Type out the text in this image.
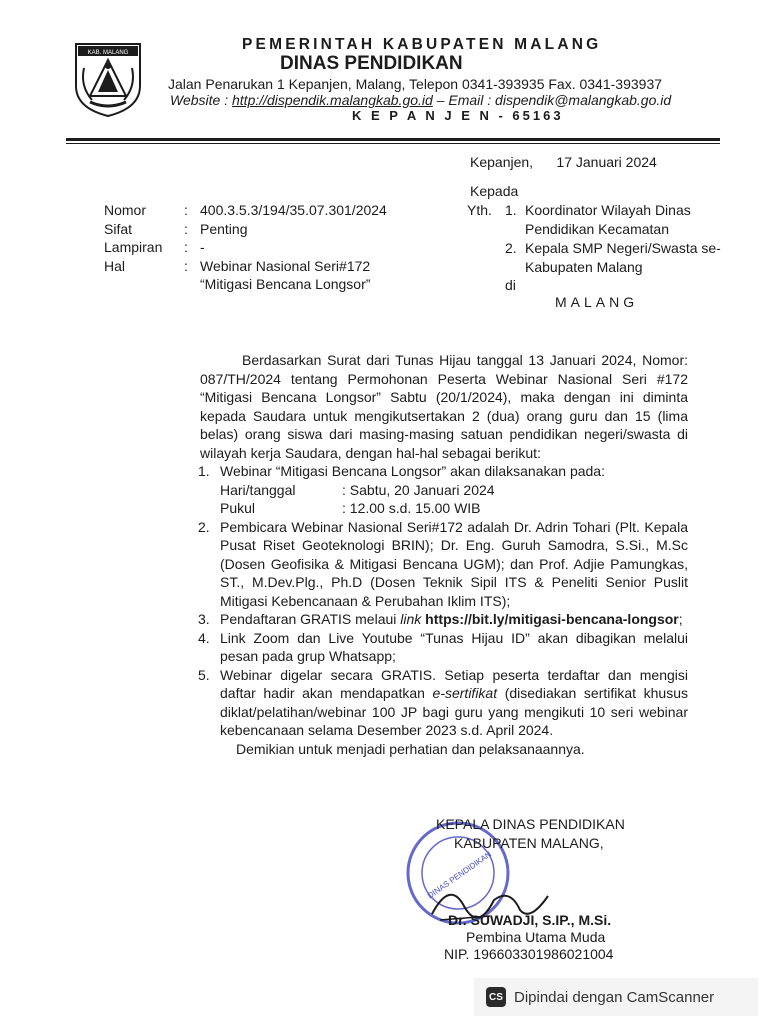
KAB. MALANG	PEMERINTAH KABUPATEN MALANG
DINAS PENDIDIKAN
Jalan Penarukan 1 Kepanjen, Malang, Telepon 0341-393935 Fax. 0341-393937
Website : http://dispendik.malangkab.go.id – Email : dispendik@malangkab.go.id
K E P A N J E N - 65163
Kepanjen, 17 Januari 2024
Kepada
Yth. 1. Koordinator Wilayah Dinas Pendidikan Kecamatan
2. Kepala SMP Negeri/Swasta se- Kabupaten Malang
di
MALANG
Nomor	: 400.3.5.3/194/35.07.301/2024
Sifat	: Penting
Lampiran	: -
Hal	: Webinar Nasional Seri#172 “Mitigasi Bencana Longsor”

Berdasarkan Surat dari Tunas Hijau tanggal 13 Januari 2024, Nomor: 087/TH/2024 tentang Permohonan Peserta Webinar Nasional Seri #172 “Mitigasi Bencana Longsor” Sabtu (20/1/2024), maka dengan ini diminta kepada Saudara untuk mengikutsertakan 2 (dua) orang guru dan 15 (lima belas) orang siswa dari masing-masing satuan pendidikan negeri/swasta di wilayah kerja Saudara, dengan hal-hal sebagai berikut:

1. Webinar “Mitigasi Bencana Longsor” akan dilaksanakan pada:
Hari/tanggal	: Sabtu, 20 Januari 2024
Pukul	: 12.00 s.d. 15.00 WIB
2. Pembicara Webinar Nasional Seri#172 adalah Dr. Adrin Tohari (Plt. Kepala Pusat Riset Geoteknologi BRIN); Dr. Eng. Guruh Samodra, S.Si., M.Sc (Dosen Geofisika & Mitigasi Bencana UGM); dan Prof. Adjie Pamungkas, ST., M.Dev.Plg., Ph.D (Dosen Teknik Sipil ITS & Peneliti Senior Puslit Mitigasi Kebencanaan & Perubahan Iklim ITS);
3. Pendaftaran GRATIS melaui link https://bit.ly/mitigasi-bencana-longsor;
4. Link Zoom dan Live Youtube “Tunas Hijau ID” akan dibagikan melalui pesan pada grup Whatsapp;
5. Webinar digelar secara GRATIS. Setiap peserta terdaftar dan mengisi daftar hadir akan mendapatkan e-sertifikat (disediakan sertifikat khusus diklat/pelatihan/webinar 100 JP bagi guru yang mengikuti 10 seri webinar kebencanaan selama Desember 2023 s.d. April 2024.

Demikian untuk menjadi perhatian dan pelaksanaannya.

DINAS PENDIDIKAN
KEPALA DINAS PENDIDIKAN
KABUPATEN MALANG,
Dr. SUWADJI, S.IP., M.Si.
Pembina Utama Muda
NIP. 196603301986021004
CS Dipindai dengan CamScanner
